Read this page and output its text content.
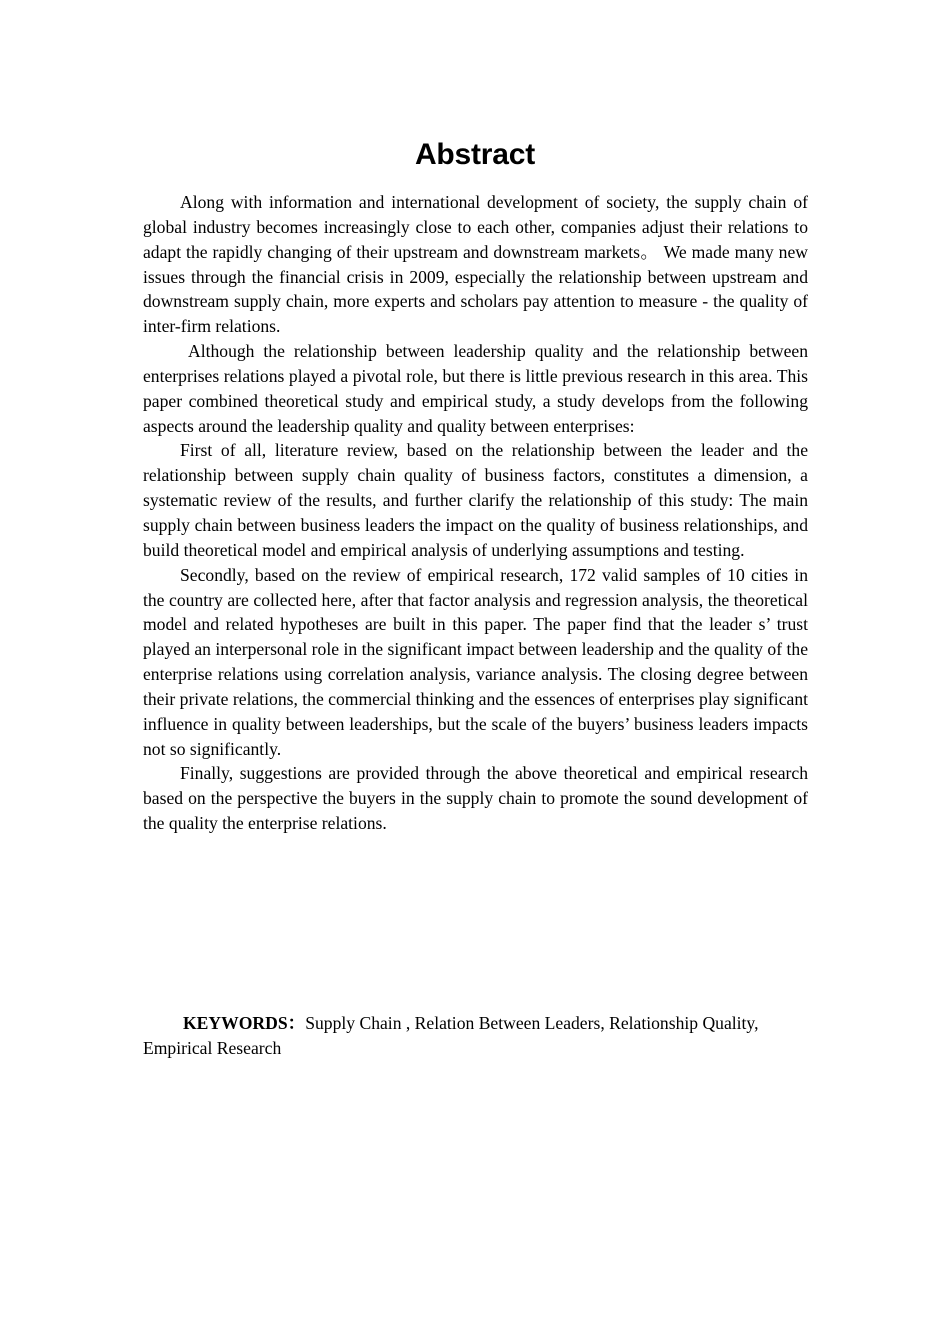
Abstract

Along with information and international development of society, the supply chain of global industry becomes increasingly close to each other, companies adjust their relations to adapt the rapidly changing of their upstream and downstream markets。 We made many new issues through the financial crisis in 2009, especially the relationship between upstream and downstream supply chain, more experts and scholars pay attention to measure - the quality of inter-firm relations.

Although the relationship between leadership quality and the relationship between enterprises relations played a pivotal role, but there is little previous research in this area. This paper combined theoretical study and empirical study, a study develops from the following aspects around the leadership quality and quality between enterprises:

First of all, literature review, based on the relationship between the leader and the relationship between supply chain quality of business factors, constitutes a dimension, a systematic review of the results, and further clarify the relationship of this study: The main supply chain between business leaders the impact on the quality of business relationships, and build theoretical model and empirical analysis of underlying assumptions and testing.

Secondly, based on the review of empirical research, 172 valid samples of 10 cities in the country are collected here, after that factor analysis and regression analysis, the theoretical model and related hypotheses are built in this paper. The paper find that the leader s’ trust played an interpersonal role in the significant impact between leadership and the quality of the enterprise relations using correlation analysis, variance analysis. The closing degree between their private relations, the commercial thinking and the essences of enterprises play significant influence in quality between leaderships, but the scale of the buyers’ business leaders impacts not so significantly.

Finally, suggestions are provided through the above theoretical and empirical research based on the perspective the buyers in the supply chain to promote the sound development of the quality the enterprise relations.

KEYWORDS：Supply Chain , Relation Between Leaders, Relationship Quality, Empirical Research
